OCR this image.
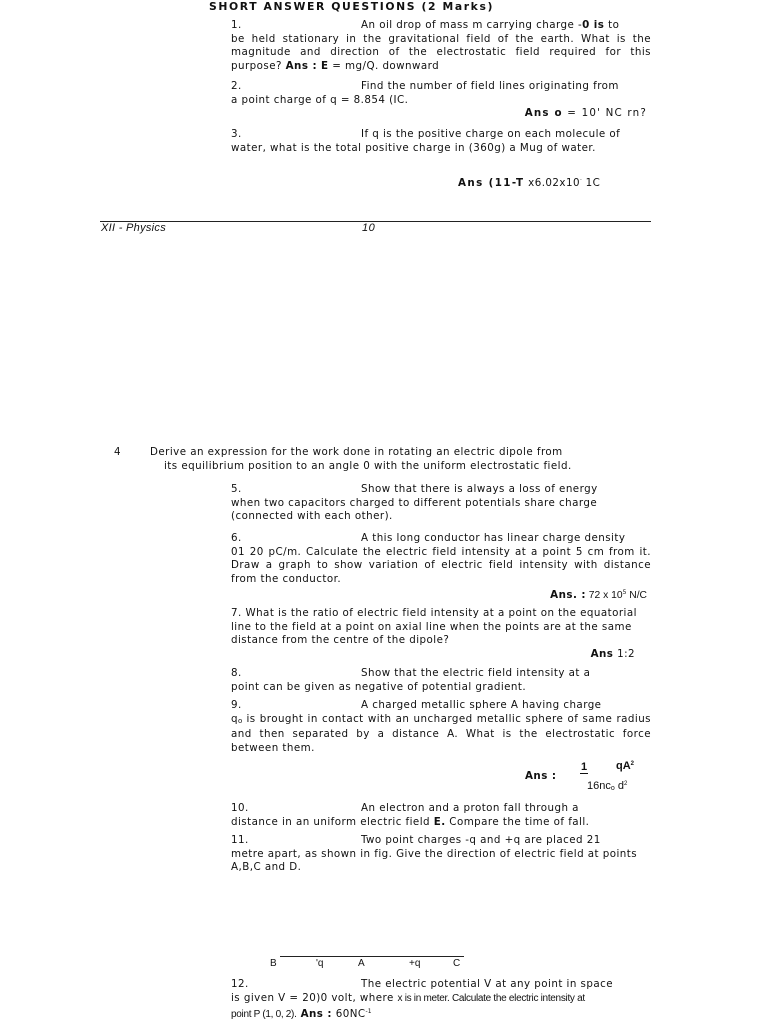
SHORT ANSWER QUESTIONS (2 Marks)
1.	An oil drop of mass m carrying charge -0 is to
be held stationary in the gravitational field of the earth. What is the magnitude and direction of the electrostatic field required for this purpose? Ans : E = mg/Q. downward
2.	Find the number of field lines originating from
a point charge of q = 8.854 (IC.
Ans o = 10' NC rn?
3.	If q is the positive charge on each molecule of
water, what is the total positive charge in (360g) a Mug of water.
Ans (11-T x6.02x10· 1C
XII - Physics	10
4	Derive an expression for the work done in rotating an electric dipole from
its equilibrium position to an angle 0 with the uniform electrostatic field.
5.	Show that there is always a loss of energy
when two capacitors charged to different potentials share charge (connected with each other).
6.	A this long conductor has linear charge density
01 20 pC/m. Calculate the electric field intensity at a point 5 cm from it. Draw a graph to show variation of electric field intensity with distance from the conductor.
Ans. : 72 x $10^5$ N/C
7. What is the ratio of electric field intensity at a point on the equatorial line to the field at a point on axial line when the points are at the same distance from the centre of the dipole?
Ans 1:2
8.	Show that the electric field intensity at a
point can be given as negative of potential gradient.
9.	A charged metallic sphere A having charge
$q_o$ is brought in contact with an uncharged metallic sphere of same radius and then separated by a distance A. What is the electrostatic force between them.
Ans :
1	$qA^2$
$16nc_o$ $d^2$
10.	An electron and a proton fall through a
distance in an uniform electric field E. Compare the time of fall.
11.	Two point charges -q and +q are placed 21
metre apart, as shown in fig. Give the direction of electric field at points A,B,C and D.
B	'q	A	+q	C
12.	The electric potential V at any point in space
is given V = 20)0 volt, where x is in meter. Calculate the electric intensity at
point P (1, 0, 2). Ans : $60NC^{-1}$
